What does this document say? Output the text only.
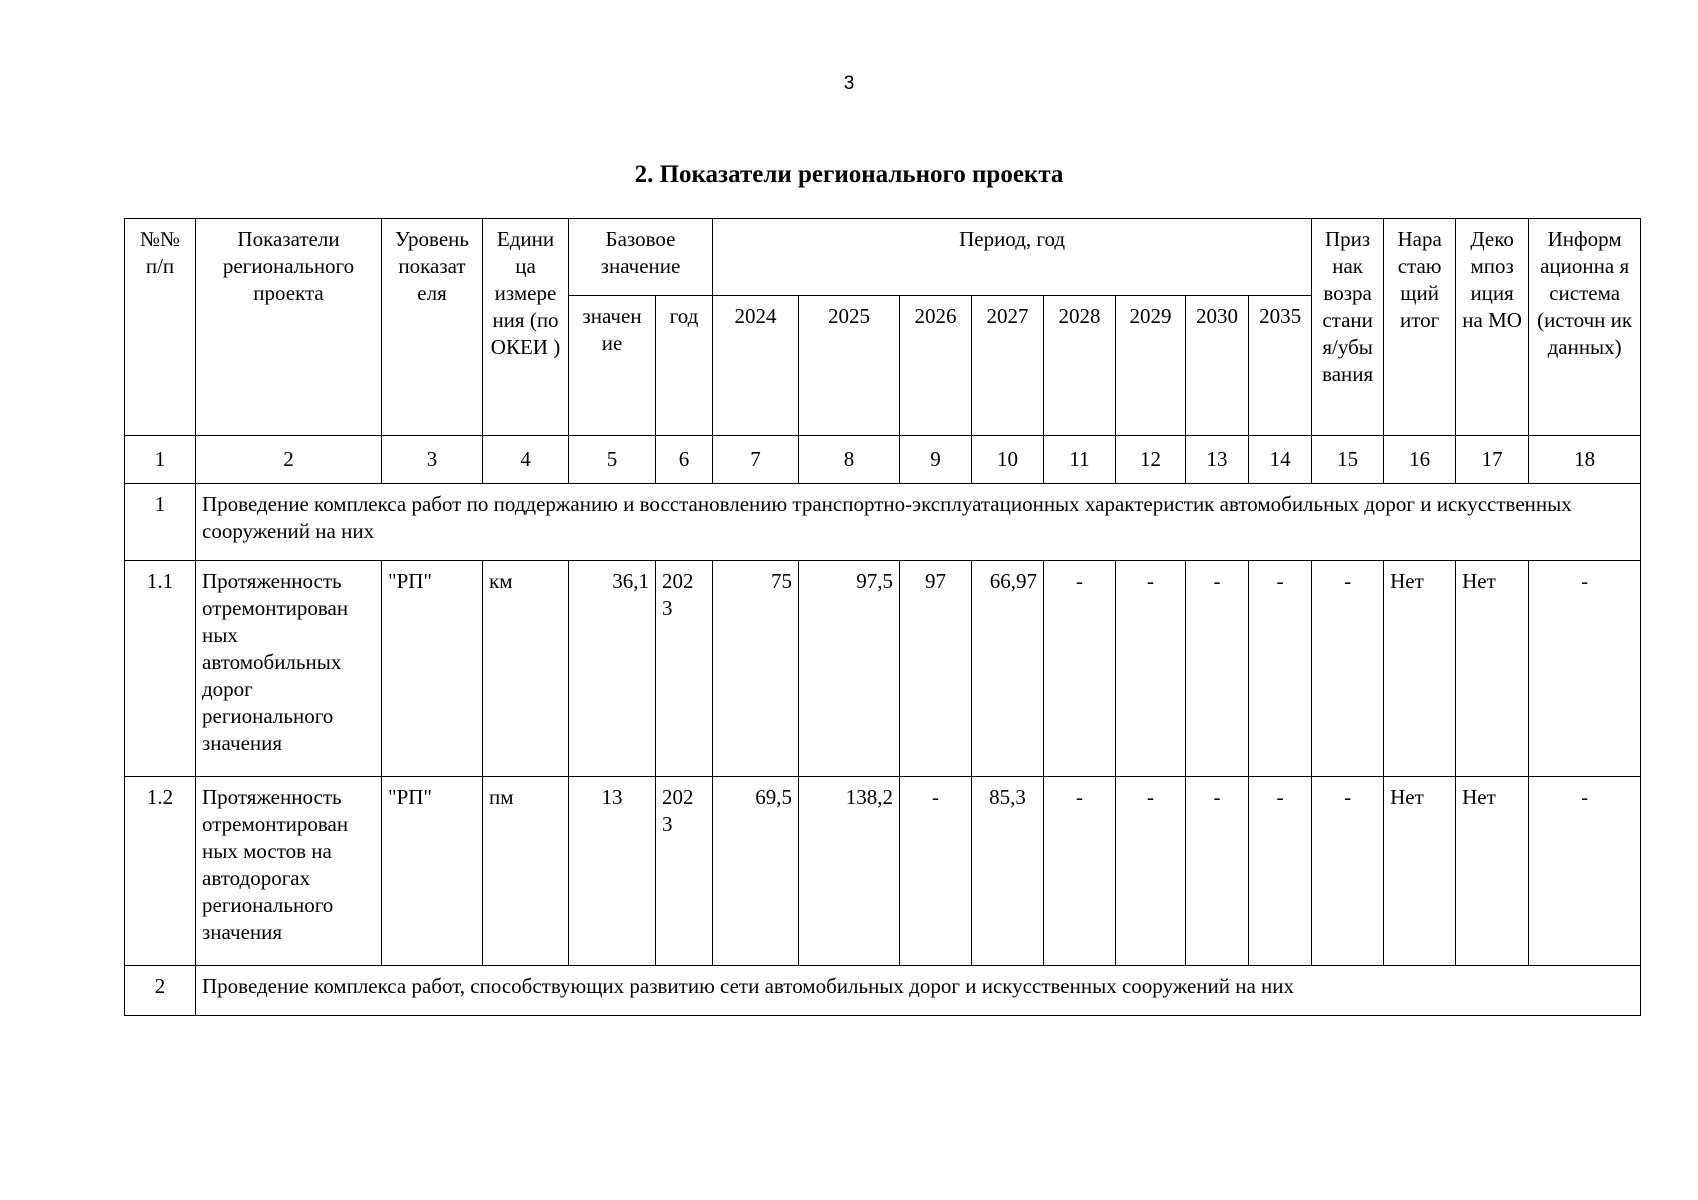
3
2. Показатели регионального проекта
№№ п/п	Показатели регионального проекта	Уровень показат еля	Едини ца измере ния (по ОКЕИ )	Базовое значение		Период, год								Приз нак возра стани я/убы вания	Нара стаю щий итог	Деко мпоз иция на МО	Информ ационна я система (источн ик данных)
				значен ие	год	2024	2025	2026	2027	2028	2029	2030	2035				
1	2	3	4	5	6	7	8	9	10	11	12	13	14	15	16	17	18
1	Проведение комплекса работ по поддержанию и восстановлению транспортно-эксплуатационных характеристик автомобильных дорог и искусственных сооружений на них																
1.1	Протяженность отремонтирован ных автомобильных дорог регионального значения	"РП"	км	36,1	202 3	75	97,5	97	66,97	-	-	-	-	-	Нет	Нет	-
1.2	Протяженность отремонтирован ных мостов на автодорогах регионального значения	"РП"	пм	13	202 3	69,5	138,2	-	85,3	-	-	-	-	-	Нет	Нет	-
2	Проведение комплекса работ, способствующих развитию сети автомобильных дорог и искусственных сооружений на них																
